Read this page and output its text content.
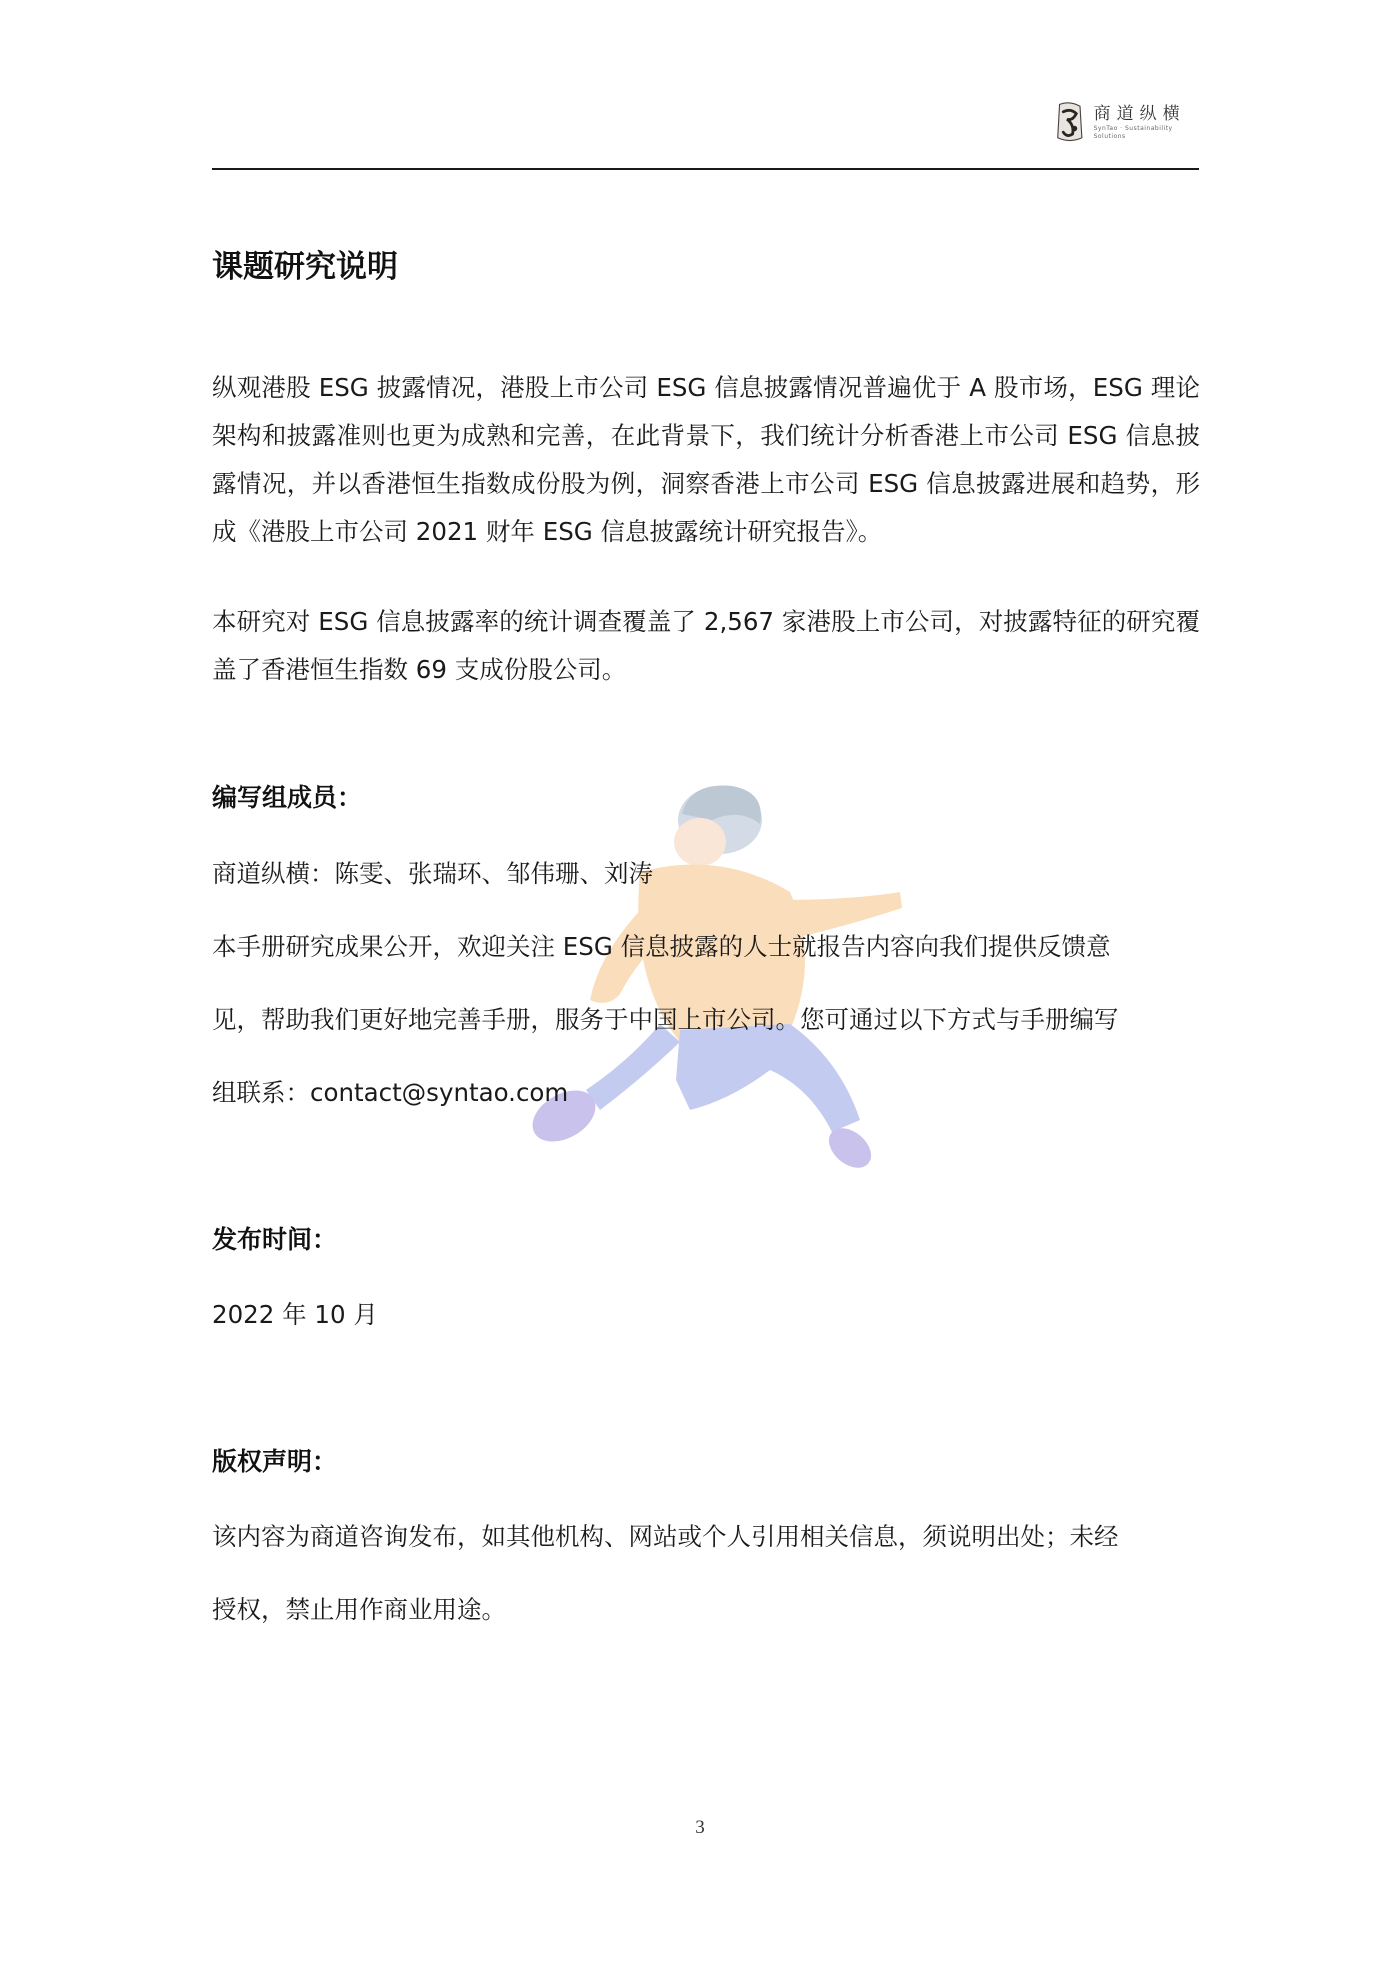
商道纵横
SynTao · Sustainability Solutions
课题研究说明

纵观港股 ESG 披露情况，港股上市公司 ESG 信息披露情况普遍优于 A 股市场，ESG 理论架构和披露准则也更为成熟和完善，在此背景下，我们统计分析香港上市公司 ESG 信息披露情况，并以香港恒生指数成份股为例，洞察香港上市公司 ESG 信息披露进展和趋势，形成《港股上市公司 2021 财年 ESG 信息披露统计研究报告》。

本研究对 ESG 信息披露率的统计调查覆盖了 2,567 家港股上市公司，对披露特征的研究覆盖了香港恒生指数 69 支成份股公司。

编写组成员：

商道纵横：陈雯、张瑞环、邹伟珊、刘涛

本手册研究成果公开，欢迎关注 ESG 信息披露的人士就报告内容向我们提供反馈意

见，帮助我们更好地完善手册，服务于中国上市公司。您可通过以下方式与手册编写

组联系：contact@syntao.com

发布时间：

2022 年 10 月

版权声明：

该内容为商道咨询发布，如其他机构、网站或个人引用相关信息，须说明出处；未经

授权，禁止用作商业用途。

3
